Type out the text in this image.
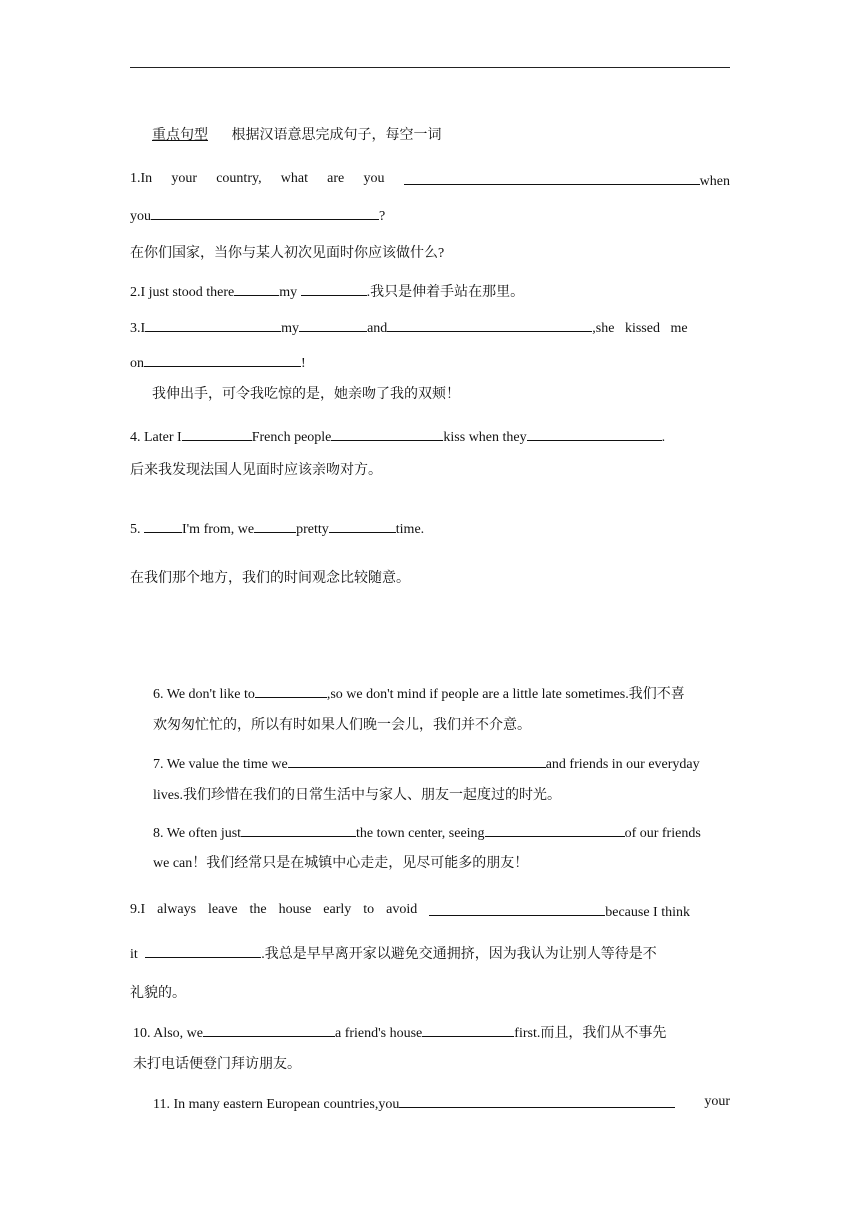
重点句型 根据汉语意思完成句子，每空一词
1.In your country, what are you	when
you	?
在你们国家，当你与某人初次见面时你应该做什么?
2.I just stood there	my	.我只是伸着手站在那里。
3.I	my	and	,she kissed me
on	!
我伸出手，可令我吃惊的是，她亲吻了我的双颊！
4. Later I	French people	kiss when they	.
后来我发现法国人见面时应该亲吻对方。
5.	I'm from, we	pretty	time.
在我们那个地方，我们的时间观念比较随意。
6. We don't like to	,so we don't mind if people are a little late sometimes.我们不喜
欢匆匆忙忙的，所以有时如果人们晚一会儿，我们并不介意。
7. We value the time we	and friends in our everyday
lives.我们珍惜在我们的日常生活中与家人、朋友一起度过的时光。
8. We often just	the town center, seeing	of our friends
we can！我们经常只是在城镇中心走走，见尽可能多的朋友！
9.I always leave the house early to avoid	because I think
it	.我总是早早离开家以避免交通拥挤，因为我认为让别人等待是不
礼貌的。
10. Also, we	a friend's house	first.而且，我们从不事先
未打电话便登门拜访朋友。
11. In many eastern European countries,you	your
